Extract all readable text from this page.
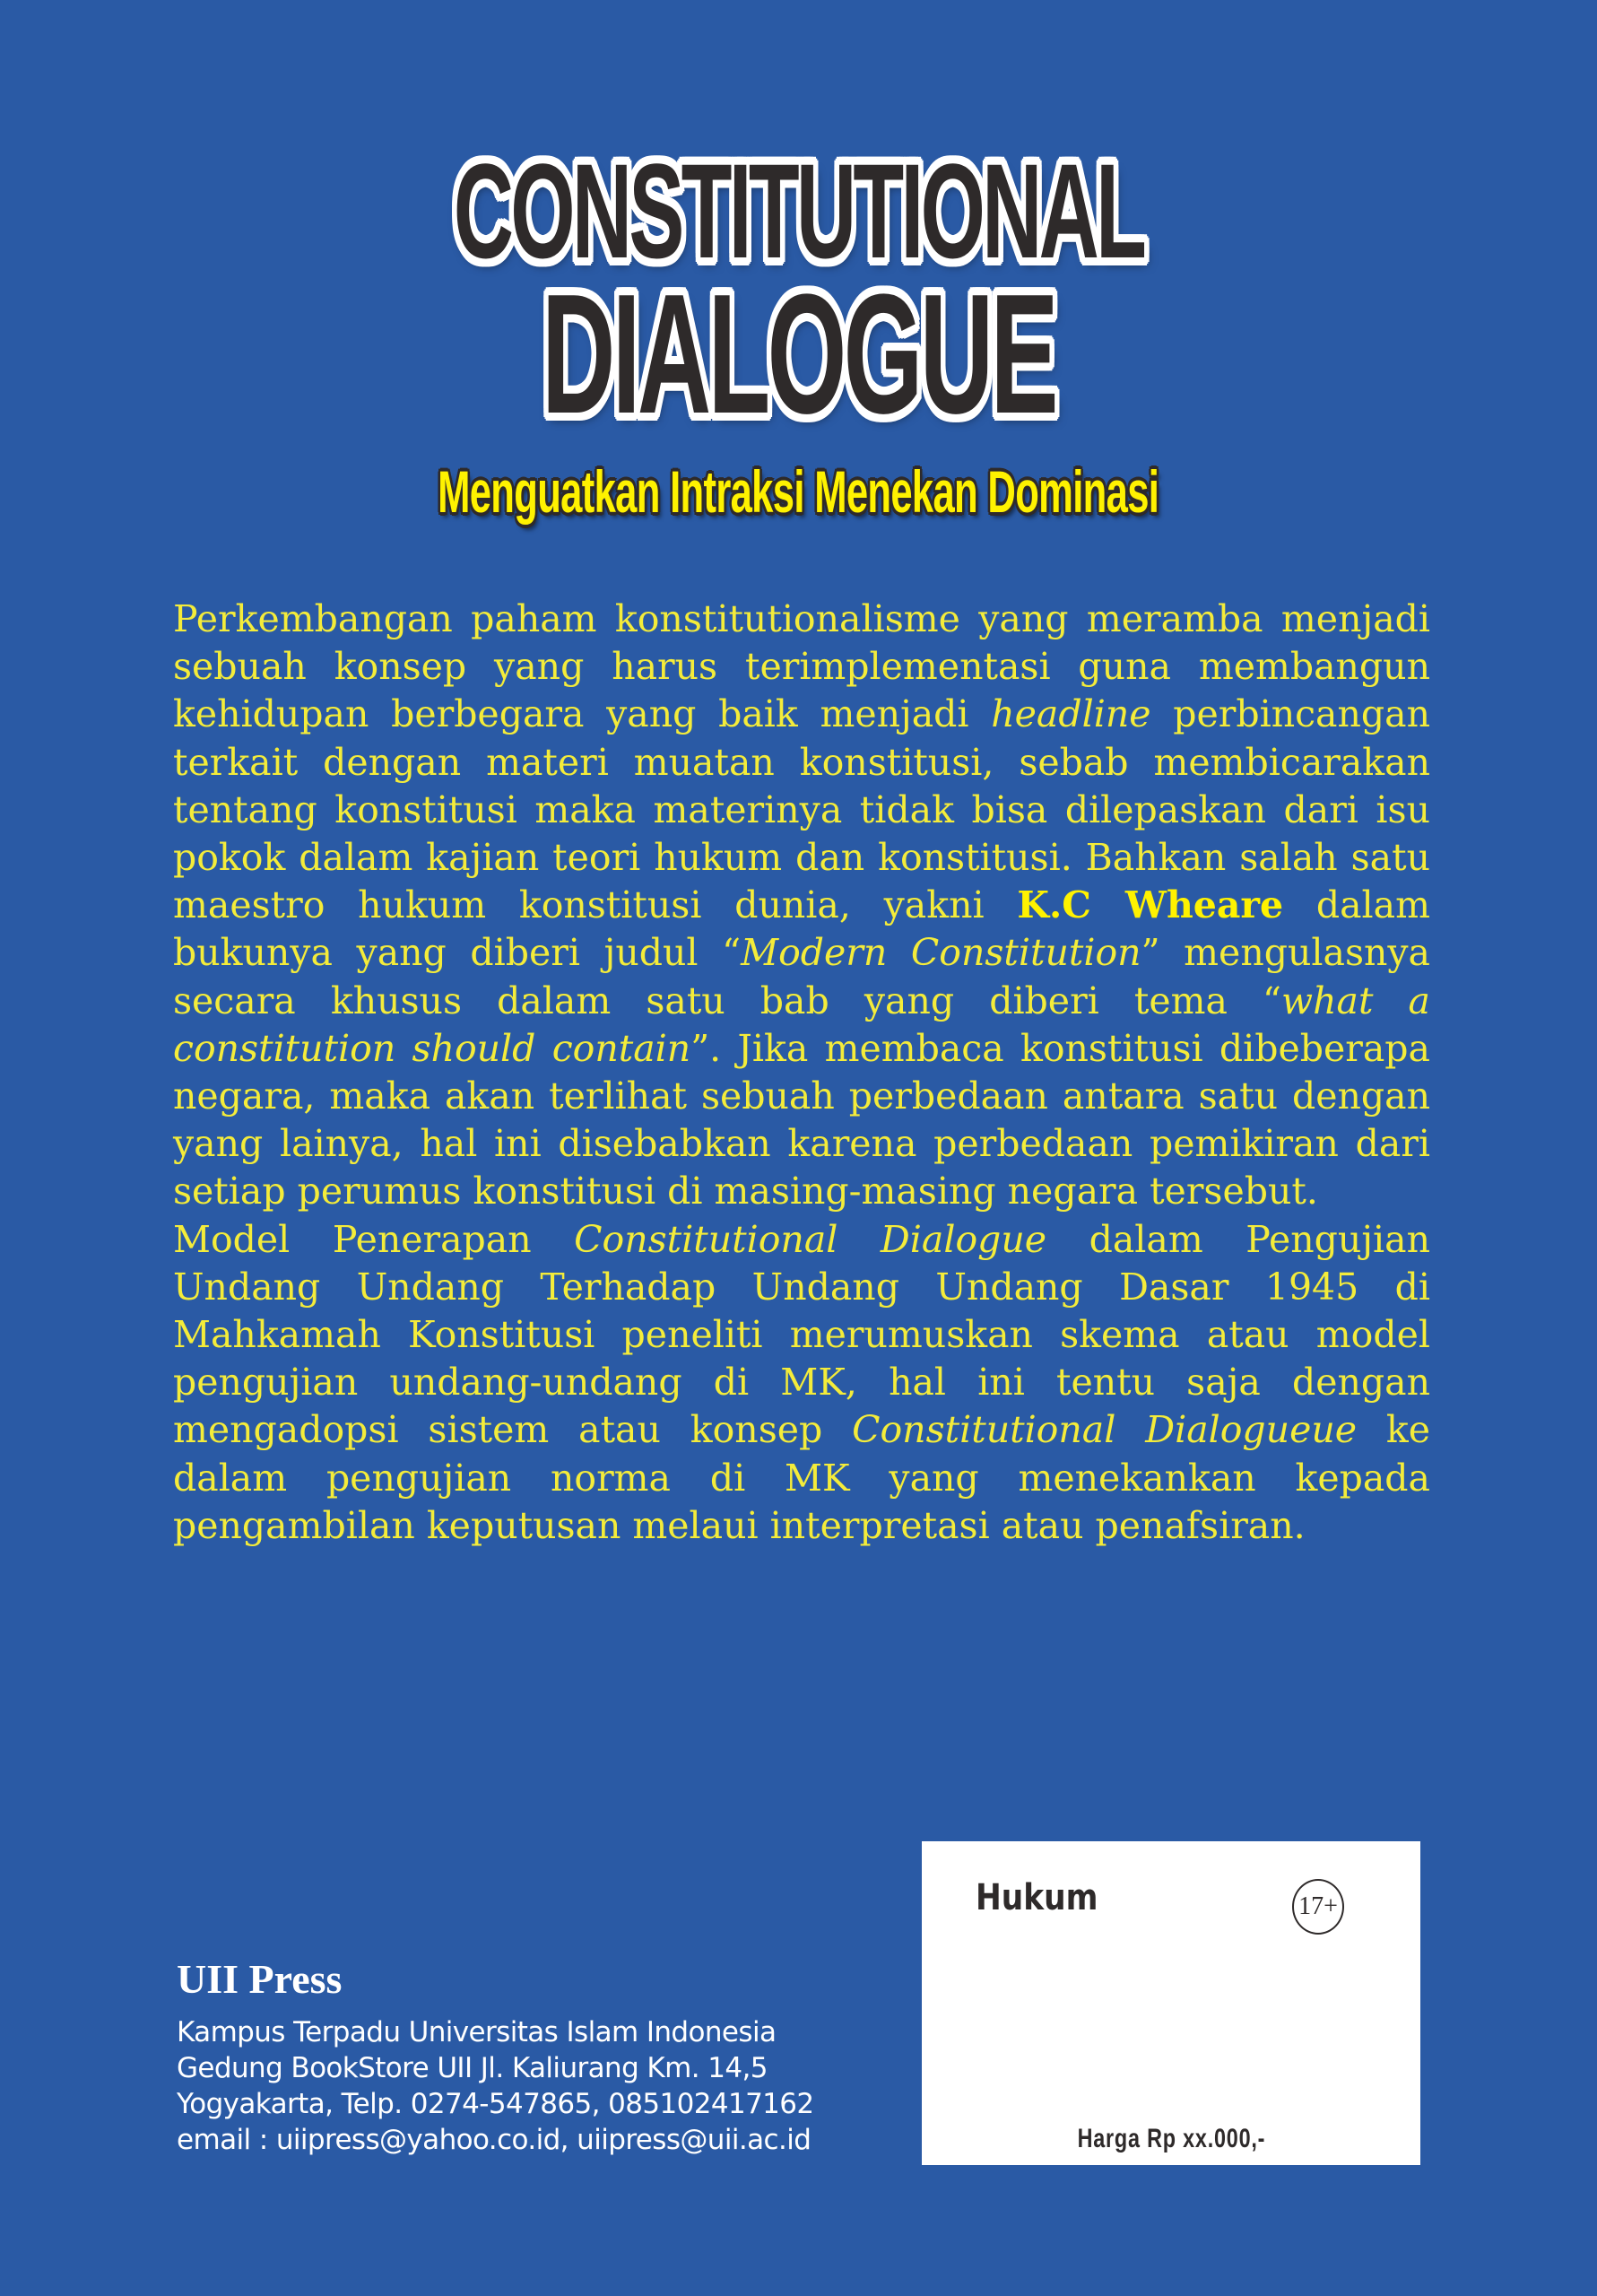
CONSTITUTIONAL
DIALOGUE
Menguatkan Intraksi Menekan Dominasi

Perkembangan paham konstitutionalisme yang meramba menjadi sebuah konsep yang harus terimplementasi guna membangun kehidupan berbegara yang baik menjadi headline perbincangan terkait dengan materi muatan konstitusi, sebab membicarakan tentang konstitusi maka materinya tidak bisa dilepaskan dari isu pokok dalam kajian teori hukum dan konstitusi. Bahkan salah satu maestro hukum konstitusi dunia, yakni K.C Wheare dalam bukunya yang diberi judul “Modern Constitution” mengulasnya secara khusus dalam satu bab yang diberi tema “what a constitution should contain”. Jika membaca konstitusi dibeberapa negara, maka akan terlihat sebuah perbedaan antara satu dengan yang lainya, hal ini disebabkan karena perbedaan pemikiran dari setiap perumus konstitusi di masing-masing negara tersebut.

Model Penerapan Constitutional Dialogue dalam Pengujian Undang Undang Terhadap Undang Undang Dasar 1945 di Mahkamah Konstitusi peneliti merumuskan skema atau model pengujian undang-undang di MK, hal ini tentu saja dengan mengadopsi sistem atau konsep Constitutional Dialogueue ke dalam pengujian norma di MK yang menekankan kepada pengambilan keputusan melaui interpretasi atau penafsiran.

UII Press
Kampus Terpadu Universitas Islam Indonesia
Gedung BookStore UII Jl. Kaliurang Km. 14,5
Yogyakarta, Telp. 0274-547865, 085102417162
email : uiipress@yahoo.co.id, uiipress@uii.ac.id
Hukum	17+
Harga Rp xx.000,-
